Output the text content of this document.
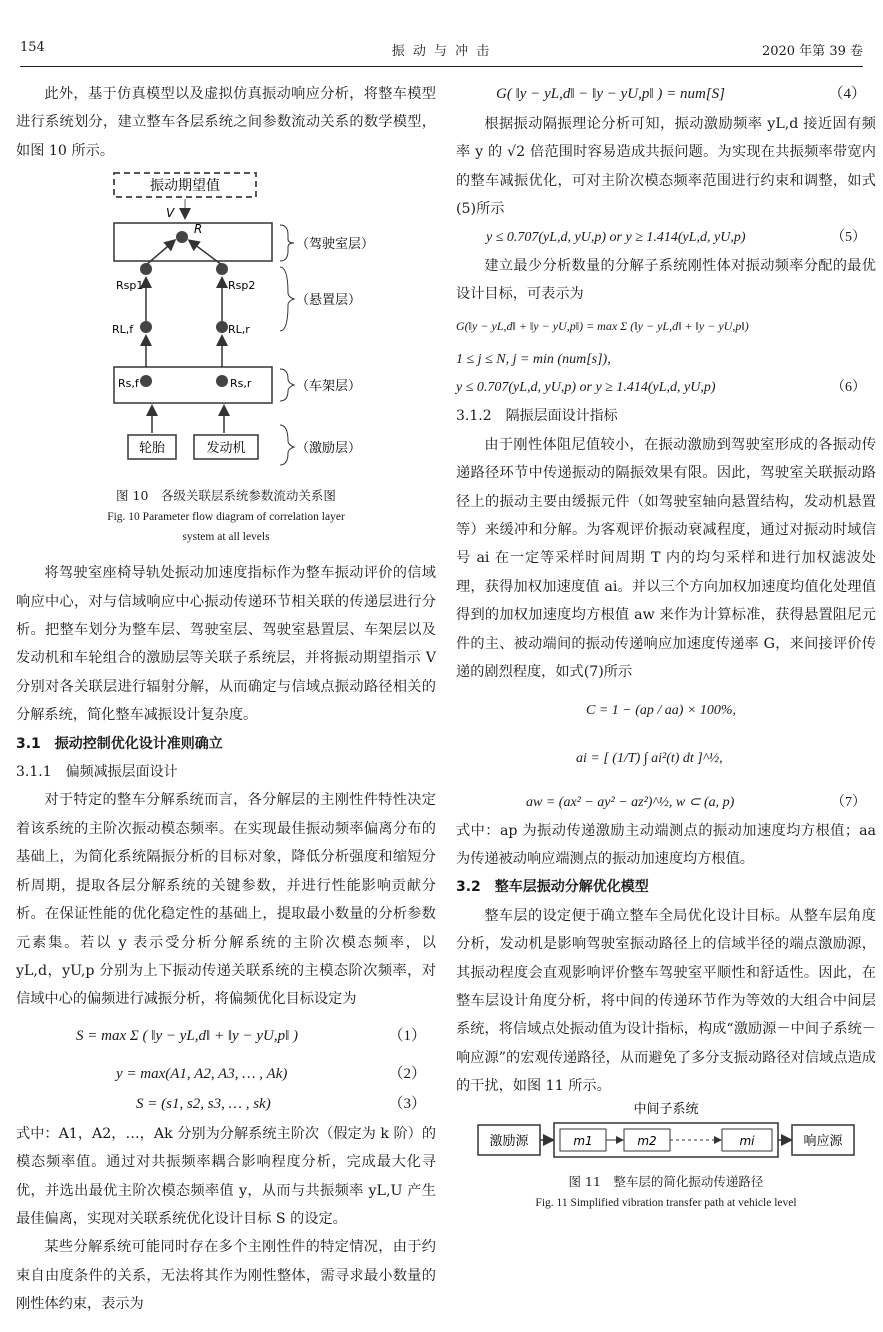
154	振 动 与 冲 击	2020 年第 39 卷

此外，基于仿真模型以及虚拟仿真振动响应分析，将整车模型进行系统划分，建立整车各层系统之间参数流动关系的数学模型，如图 10 所示。

振动期望值
V
R
Rsp1	Rsp2
RL,f	RL,r
Rs,f	Rs,r
轮胎	发动机
（驾驶室层）
（悬置层）
（车架层）
（激励层）
图 10　各级关联层系统参数流动关系图
Fig. 10 Parameter flow diagram of correlation layer
system at all levels

将驾驶室座椅导轨处振动加速度指标作为整车振动评价的信域响应中心，对与信域响应中心振动传递环节相关联的传递层进行分析。把整车划分为整车层、驾驶室层、驾驶室悬置层、车架层以及发动机和车轮组合的激励层等关联子系统层，并将振动期望指示 V 分别对各关联层进行辐射分解，从而确定与信域点振动路径相关的分解系统，简化整车减振设计复杂度。

3.1　振动控制优化设计准则确立

3.1.1　偏频减振层面设计

对于特定的整车分解系统而言，各分解层的主刚性件特性决定着该系统的主阶次振动模态频率。在实现最佳振动频率偏离分布的基础上，为简化系统隔振分析的目标对象，降低分析强度和缩短分析周期，提取各层分解系统的关键参数，并进行性能影响贡献分析。在保证性能的优化稳定性的基础上，提取最小数量的分析参数元素集。若以 y 表示受分析分解系统的主阶次模态频率，以 yL,d，yU,p 分别为上下振动传递关联系统的主模态阶次频率，对信域中心的偏频进行减振分析，将偏频优化目标设定为

S = max Σ ( ‖y − yL,d‖ + ‖y − yU,p‖ )	（1）
y = max(A1, A2, A3, … , Ak)	（2）
S = (s1, s2, s3, … , sk)	（3）

式中：A1，A2，…，Ak 分别为分解系统主阶次（假定为 k 阶）的模态频率值。通过对共振频率耦合影响程度分析，完成最大化寻优，并选出最优主阶次模态频率值 y，从而与共振频率 yL,U 产生最佳偏离，实现对关联系统优化设计目标 S 的设定。

某些分解系统可能同时存在多个主刚性件的特定情况，由于约束自由度条件的关系，无法将其作为刚性整体，需寻求最小数量的刚性体约束，表示为

G( ‖y − yL,d‖ − ‖y − yU,p‖ ) = num[S]	（4）

根据振动隔振理论分析可知，振动激励频率 yL,d 接近固有频率 y 的 √2 倍范围时容易造成共振问题。为实现在共振频率带宽内的整车减振优化，可对主阶次模态频率范围进行约束和调整，如式(5)所示

y ≤ 0.707(yL,d, yU,p) or y ≥ 1.414(yL,d, yU,p)	（5）

建立最少分析数量的分解子系统刚性体对振动频率分配的最优设计目标，可表示为

G(‖y − yL,d‖ + ‖y − yU,p‖) = max Σ (‖y − yL,d‖ + ‖y − yU,p‖)
1 ≤ j ≤ N, j = min (num[s]),
y ≤ 0.707(yL,d, yU,p) or y ≥ 1.414(yL,d, yU,p)	（6）

3.1.2　隔振层面设计指标

由于刚性体阻尼值较小，在振动激励到驾驶室形成的各振动传递路径环节中传递振动的隔振效果有限。因此，驾驶室关联振动路径上的振动主要由缓振元件（如驾驶室轴向悬置结构，发动机悬置等）来缓冲和分解。为客观评价振动衰减程度，通过对振动时域信号 ai 在一定等采样时间周期 T 内的均匀采样和进行加权滤波处理，获得加权加速度值 ai。并以三个方向加权加速度均值化处理值得到的加权加速度均方根值 aw 来作为计算标准，获得悬置阻尼元件的主、被动端间的振动传递响应加速度传递率 G，来间接评价传递的剧烈程度，如式(7)所示

C = 1 − (ap / aa) × 100%,
ai = [ (1/T) ∫ ai²(t) dt ]^½,
aw = (ax² − ay² − az²)^½, w ⊂ (a, p)	（7）

式中：ap 为振动传递激励主动端测点的振动加速度均方根值；aa 为传递被动响应端测点的振动加速度均方根值。

3.2　整车层振动分解优化模型

整车层的设定便于确立整车全局优化设计目标。从整车层角度分析，发动机是影响驾驶室振动路径上的信域半径的端点激励源，其振动程度会直观影响评价整车驾驶室平顺性和舒适性。因此，在整车层设计角度分析，将中间的传递环节作为等效的大组合中间层系统，将信域点处振动值为设计指标，构成“激励源－中间子系统－响应源”的宏观传递路径，从而避免了多分支振动路径对信域点造成的干扰，如图 11 所示。

中间子系统
激励源	m1	m2	mi	响应源
图 11　整车层的简化振动传递路径
Fig. 11 Simplified vibration transfer path at vehicle level
